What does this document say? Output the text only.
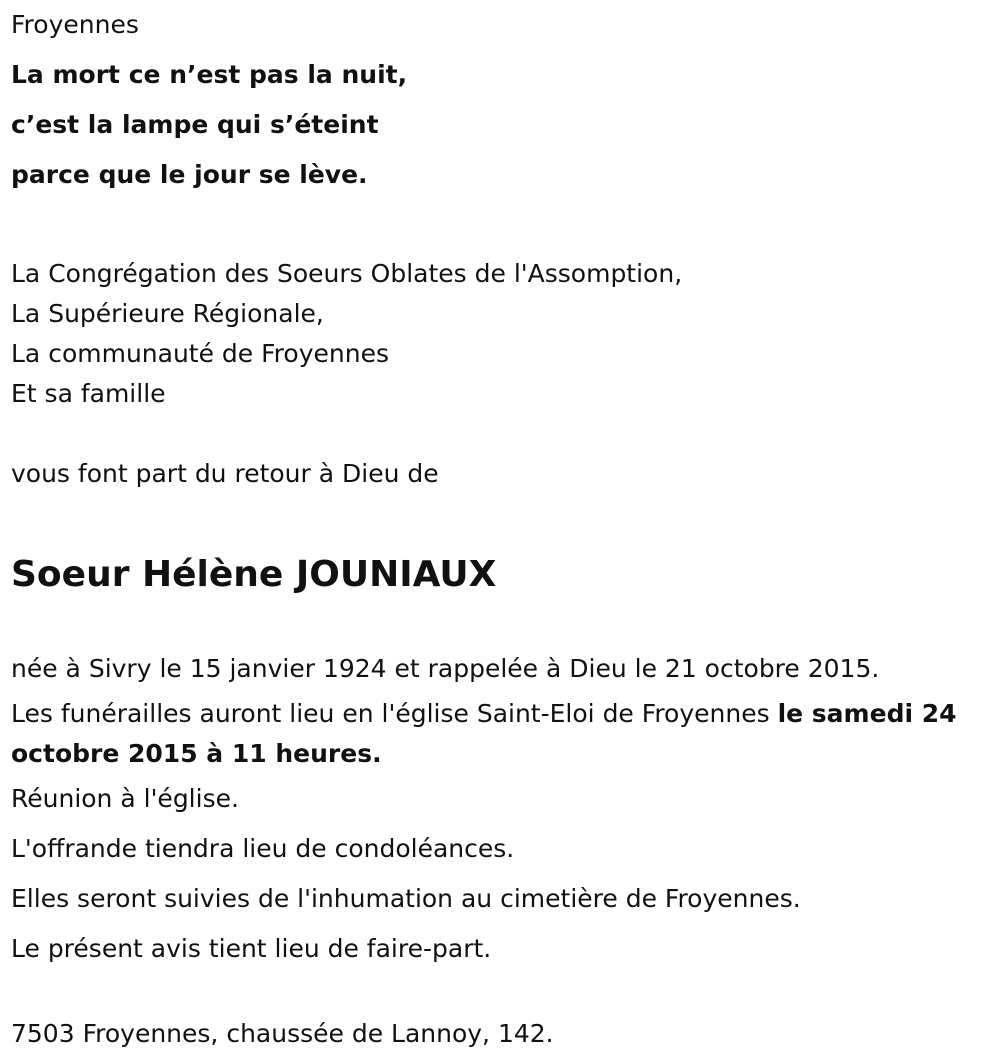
Froyennes
La mort ce n’est pas la nuit,
c’est la lampe qui s’éteint
parce que le jour se lève.
La Congrégation des Soeurs Oblates de l'Assomption,
La Supérieure Régionale,
La communauté de Froyennes
Et sa famille
vous font part du retour à Dieu de
Soeur Hélène JOUNIAUX
née à Sivry le 15 janvier 1924 et rappelée à Dieu le 21 octobre 2015.
Les funérailles auront lieu en l'église Saint-Eloi de Froyennes le samedi 24 octobre 2015 à 11 heures.
Réunion à l'église.
L'offrande tiendra lieu de condoléances.
Elles seront suivies de l'inhumation au cimetière de Froyennes.
Le présent avis tient lieu de faire-part.
7503 Froyennes, chaussée de Lannoy, 142.
